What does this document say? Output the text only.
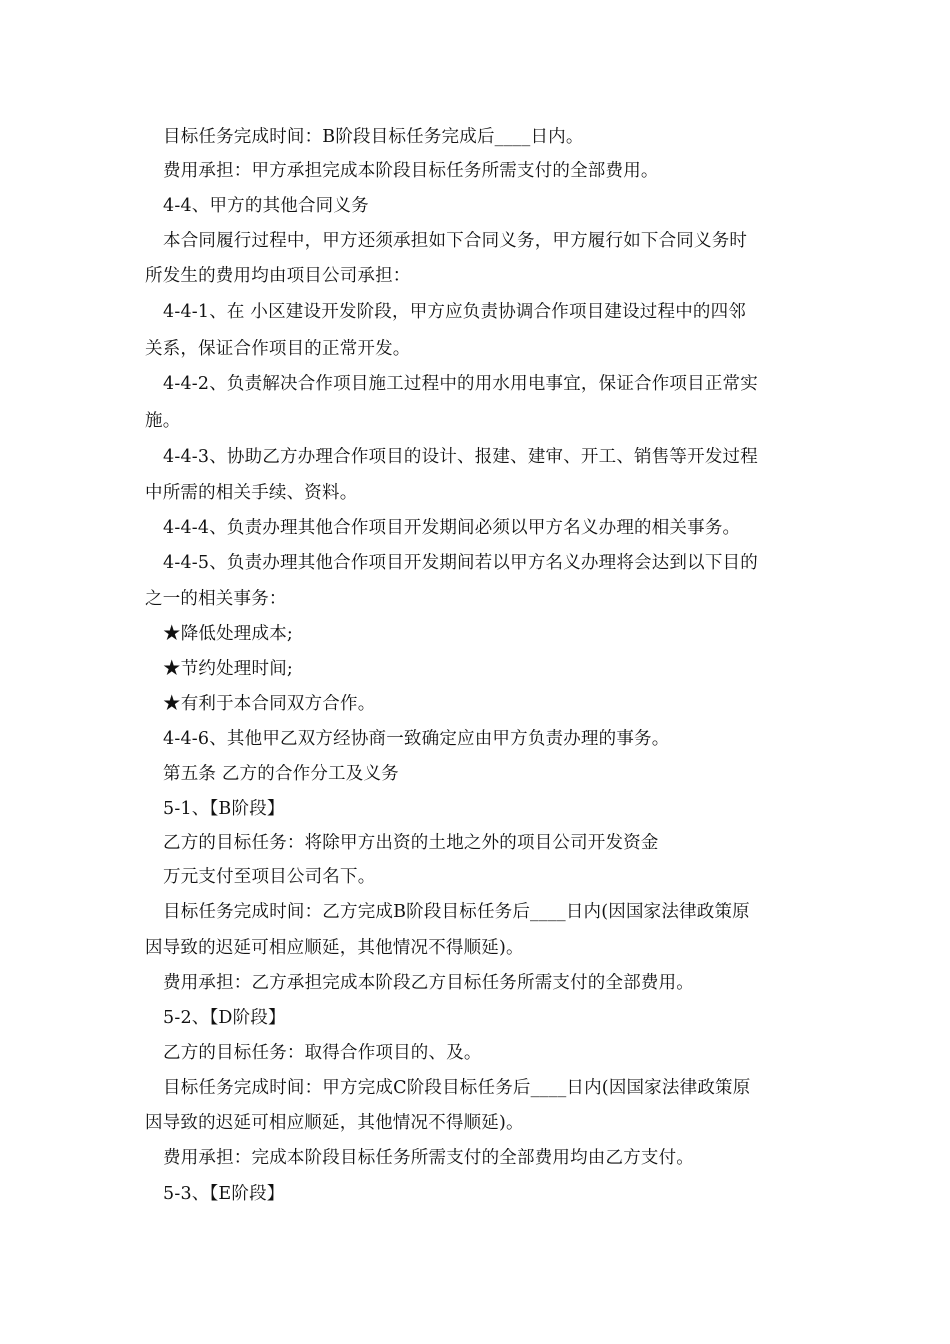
目标任务完成时间：B阶段目标任务完成后____日内。
费用承担：甲方承担完成本阶段目标任务所需支付的全部费用。
4-4、甲方的其他合同义务
本合同履行过程中，甲方还须承担如下合同义务，甲方履行如下合同义务时
所发生的费用均由项目公司承担：
4-4-1、在 小区建设开发阶段，甲方应负责协调合作项目建设过程中的四邻
关系，保证合作项目的正常开发。
4-4-2、负责解决合作项目施工过程中的用水用电事宜，保证合作项目正常实
施。
4-4-3、协助乙方办理合作项目的设计、报建、建审、开工、销售等开发过程
中所需的相关手续、资料。
4-4-4、负责办理其他合作项目开发期间必须以甲方名义办理的相关事务。
4-4-5、负责办理其他合作项目开发期间若以甲方名义办理将会达到以下目的
之一的相关事务：
★降低处理成本;
★节约处理时间;
★有利于本合同双方合作。
4-4-6、其他甲乙双方经协商一致确定应由甲方负责办理的事务。
第五条 乙方的合作分工及义务
5-1、【B阶段】
乙方的目标任务：将除甲方出资的土地之外的项目公司开发资金
万元支付至项目公司名下。
目标任务完成时间：乙方完成B阶段目标任务后____日内(因国家法律政策原
因导致的迟延可相应顺延，其他情况不得顺延)。
费用承担：乙方承担完成本阶段乙方目标任务所需支付的全部费用。
5-2、【D阶段】
乙方的目标任务：取得合作项目的、及。
目标任务完成时间：甲方完成C阶段目标任务后____日内(因国家法律政策原
因导致的迟延可相应顺延，其他情况不得顺延)。
费用承担：完成本阶段目标任务所需支付的全部费用均由乙方支付。
5-3、【E阶段】
